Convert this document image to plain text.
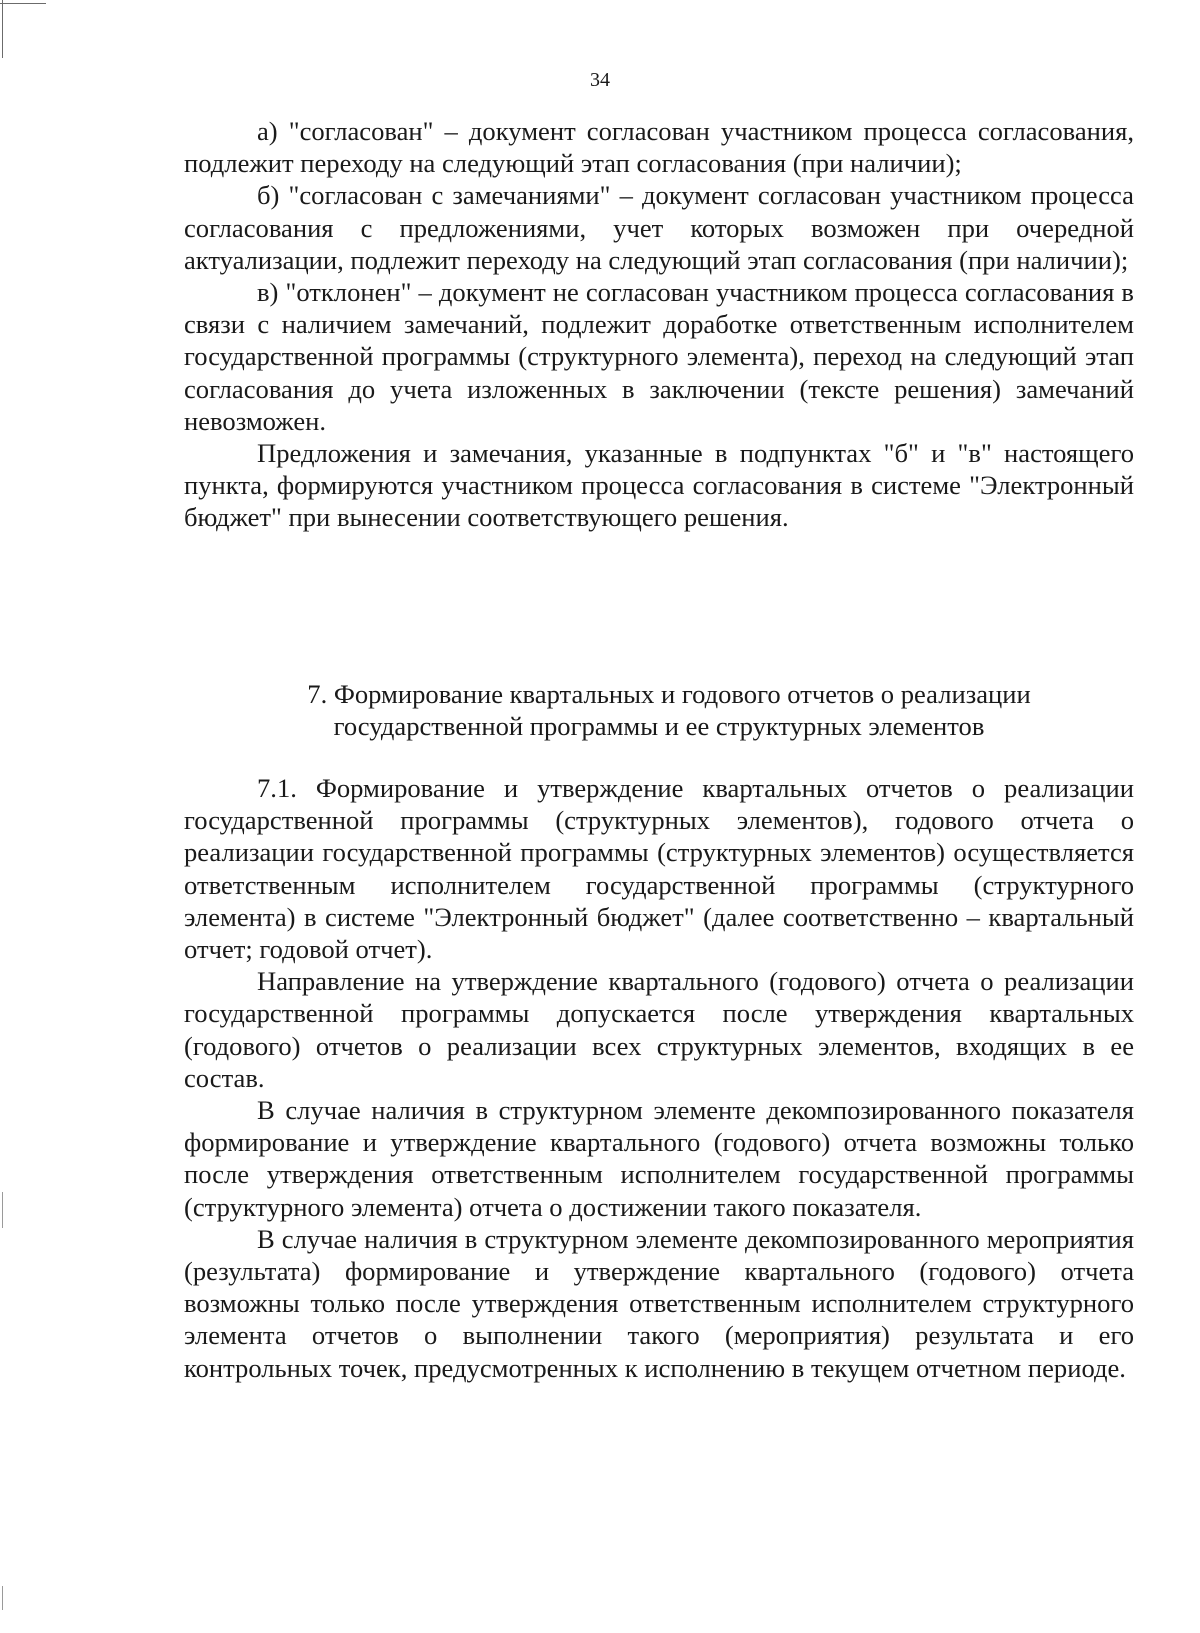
34

а) "согласован" – документ согласован участником процесса согласования, подлежит переходу на следующий этап согласования (при наличии);

б) "согласован с замечаниями" – документ согласован участником процесса согласования с предложениями, учет которых возможен при очередной актуализации, подлежит переходу на следующий этап согласования (при наличии);

в) "отклонен" – документ не согласован участником процесса согласования в связи с наличием замечаний, подлежит доработке ответственным исполнителем государственной программы (структурного элемента), переход на следующий этап согласования до учета изложенных в заключении (тексте решения) замечаний невозможен.

Предложения и замечания, указанные в подпунктах "б" и "в" настоящего пункта, формируются участником процесса согласования в системе "Электронный бюджет" при вынесении соответствующего решения.

7. Формирование квартальных и годового отчетов о реализации

государственной программы и ее структурных элементов

7.1. Формирование и утверждение квартальных отчетов о реализации государственной программы (структурных элементов), годового отчета о реализации государственной программы (структурных элементов) осуществляется ответственным исполнителем государственной программы (структурного элемента) в системе "Электронный бюджет" (далее соответственно – квартальный отчет; годовой отчет).

Направление на утверждение квартального (годового) отчета о реализации государственной программы допускается после утверждения квартальных (годового) отчетов о реализации всех структурных элементов, входящих в ее состав.

В случае наличия в структурном элементе декомпозированного показателя формирование и утверждение квартального (годового) отчета возможны только после утверждения ответственным исполнителем государственной программы (структурного элемента) отчета о достижении такого показателя.

В случае наличия в структурном элементе декомпозированного мероприятия (результата) формирование и утверждение квартального (годового) отчета возможны только после утверждения ответственным исполнителем структурного элемента отчетов о выполнении такого (мероприятия) результата и его контрольных точек, предусмотренных к исполнению в текущем отчетном периоде.
